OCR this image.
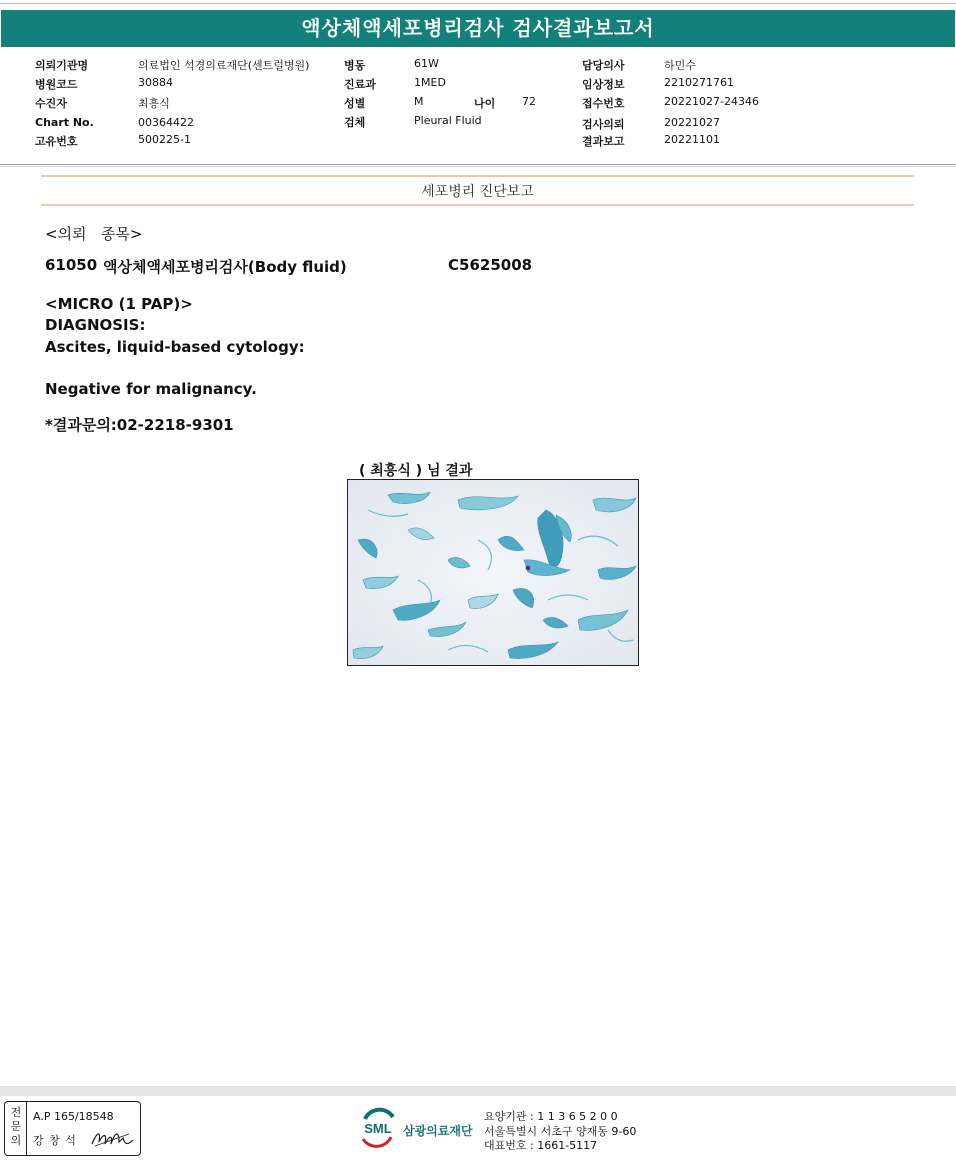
액상체액세포병리검사 검사결과보고서
의뢰기관명	의료법인 석경의료재단(센트럴병원)
병원코드	30884
수진자	최흥식
Chart No.	00364422
고유번호	500225-1
병동	61W
진료과	1MED
성별	M	나이 72
검체	Pleural Fluid
담당의사	하민수
임상정보	2210271761
접수번호	20221027-24346
검사의뢰	20221027
결과보고	20221101
세포병리 진단보고
<의뢰   종목>
61050 액상체액세포병리검사(Body fluid)	C5625008
<MICRO (1 PAP)>
DIAGNOSIS:
Ascites, liquid-based cytology:
Negative for malignancy.
*결과문의:02-2218-9301
( 최흥식 ) 님 결과
전
문
의
A.P 165/18548
강 창 석
SML 삼광의료재단
요양기관 : 1 1 3 6 5 2 0 0
서울특별시 서초구 양재동 9-60
대표번호 : 1661-5117
